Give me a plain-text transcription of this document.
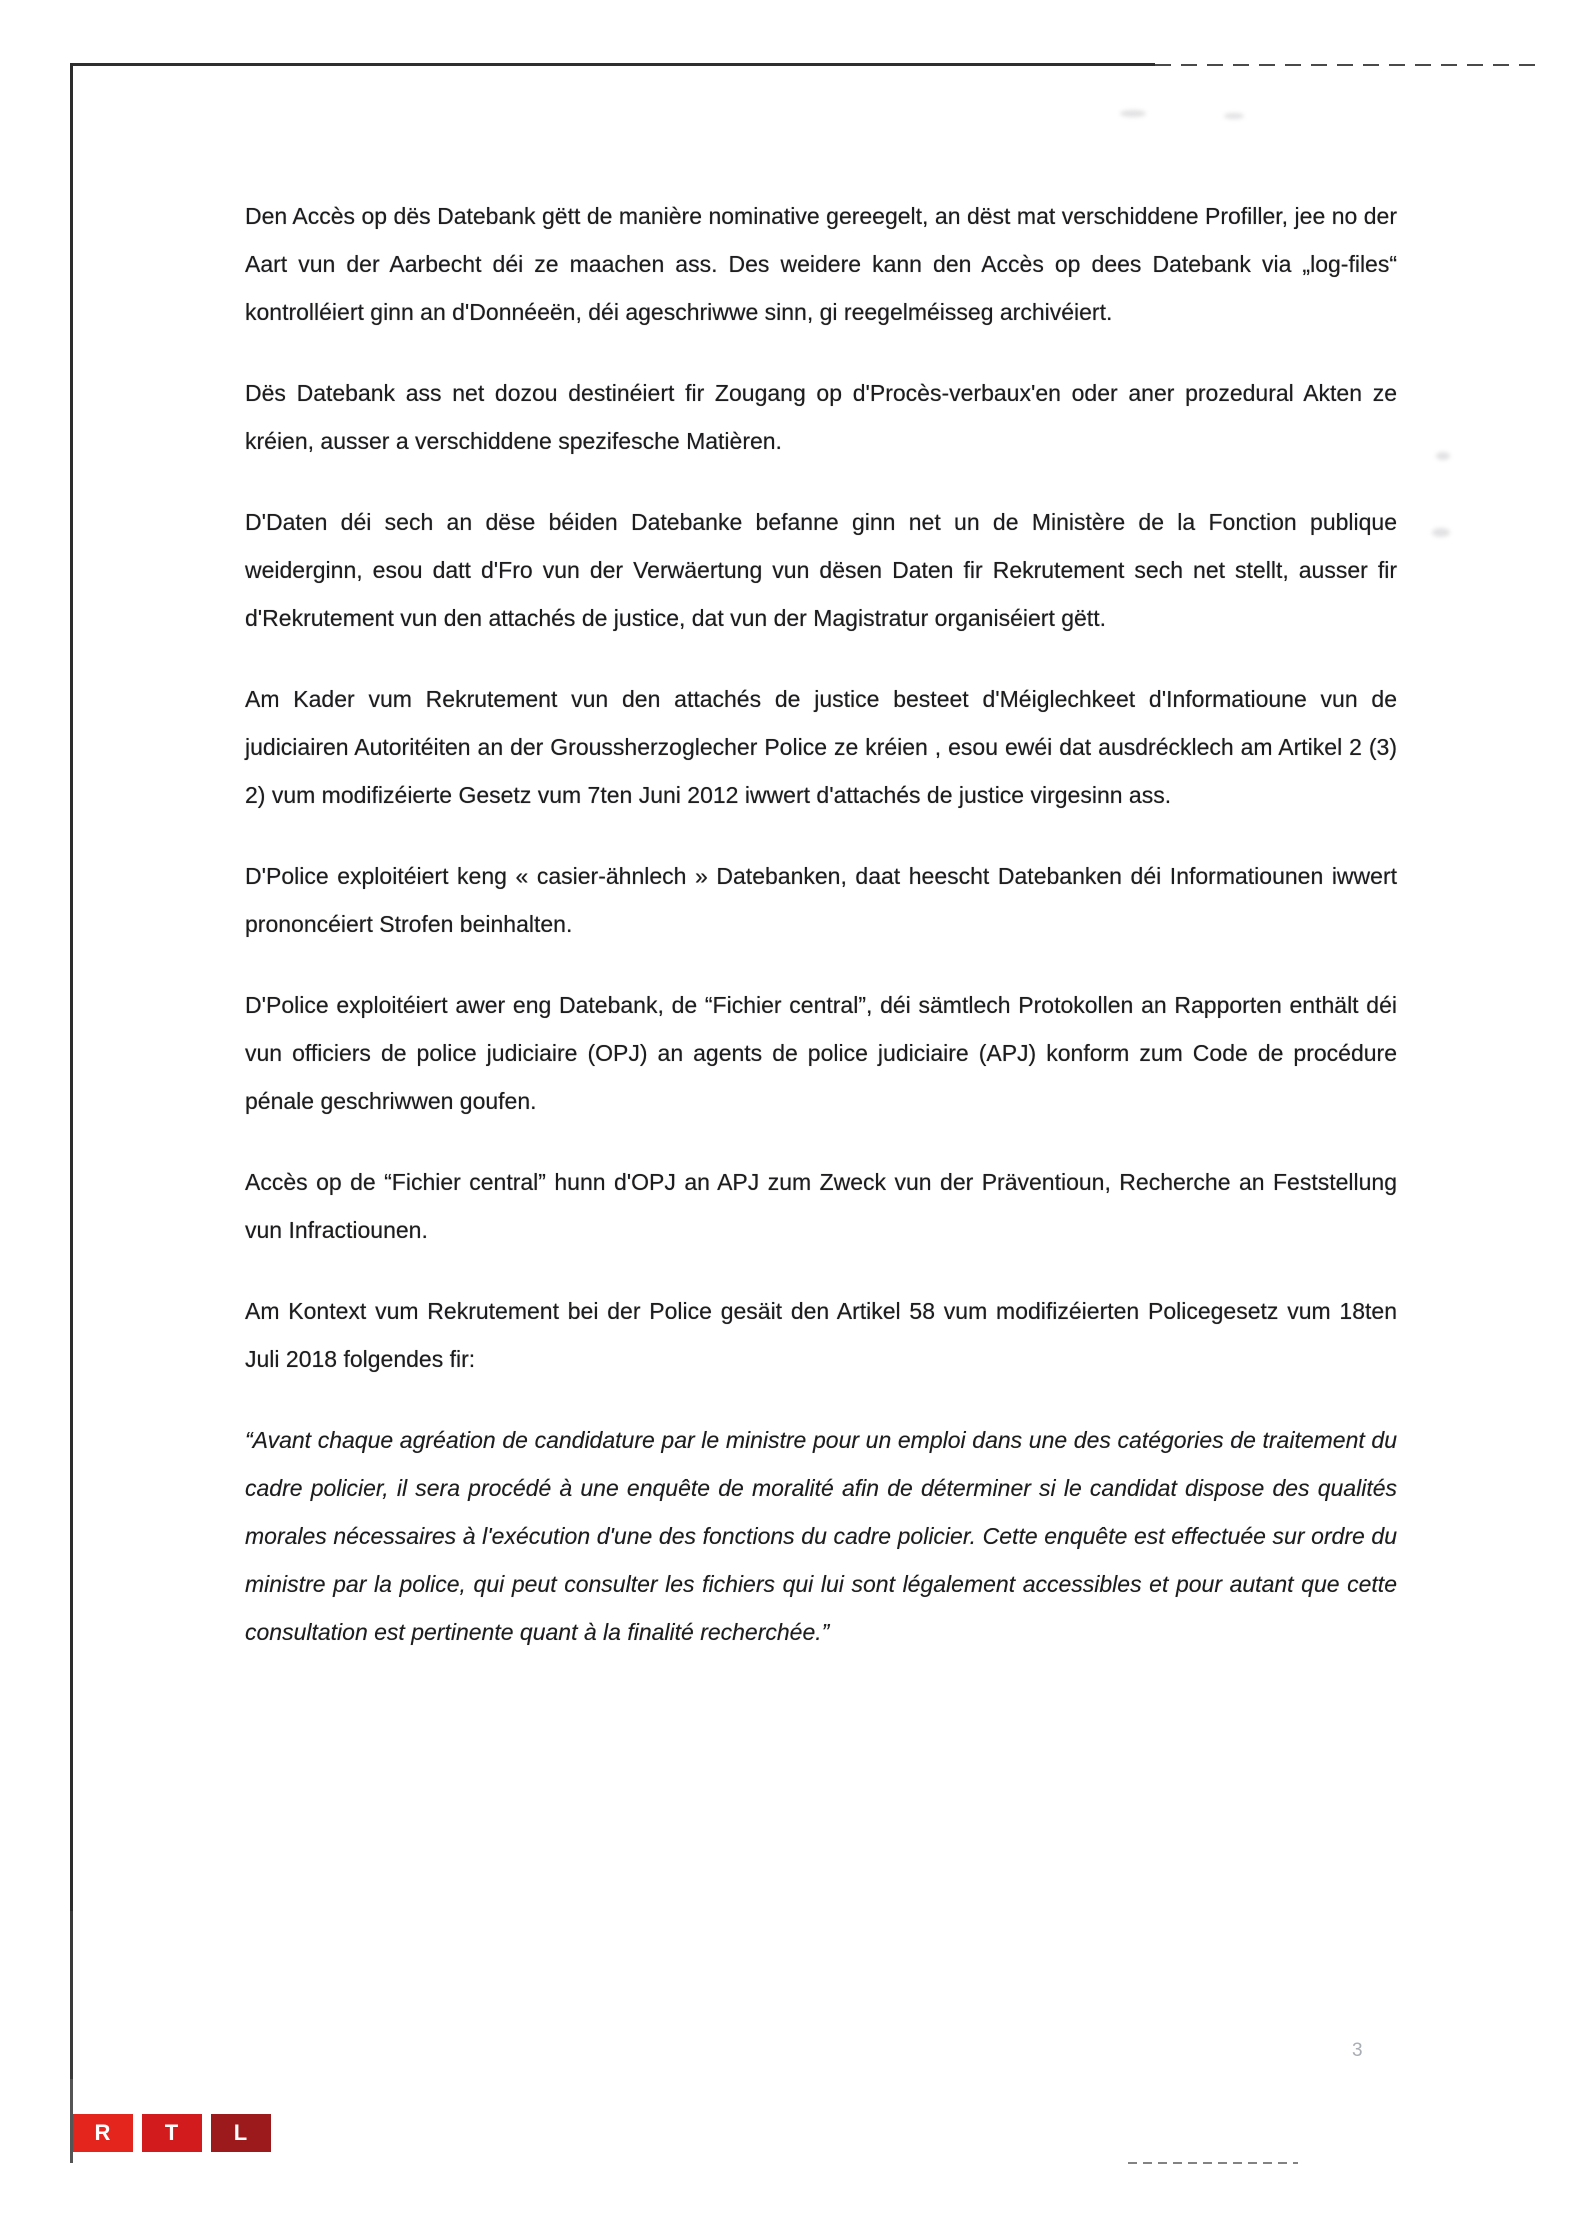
Den Accès op dës Datebank gëtt de manière nominative gereegelt, an dëst mat verschiddene Profiller, jee no der Aart vun der Aarbecht déi ze maachen ass. Des weidere kann den Accès op dees Datebank via „log-files“ kontrolléiert ginn an d'Donnéeën, déi ageschriwwe sinn, gi reegelméisseg archivéiert.

Dës Datebank ass net dozou destinéiert fir Zougang op d'Procès-verbaux'en oder aner prozedural Akten ze kréien, ausser a verschiddene spezifesche Matièren.

D'Daten déi sech an dëse béiden Datebanke befanne ginn net un de Ministère de la Fonction publique weiderginn, esou datt d'Fro vun der Verwäertung vun dësen Daten fir Rekrutement sech net stellt, ausser fir d'Rekrutement vun den attachés de justice, dat vun der Magistratur organiséiert gëtt.

Am Kader vum Rekrutement vun den attachés de justice besteet d'Méiglechkeet d'Informatioune vun de judiciairen Autoritéiten an der Groussherzoglecher Police ze kréien , esou ewéi dat ausdrécklech am Artikel 2 (3) 2) vum modifizéierte Gesetz vum 7ten Juni 2012 iwwert d'attachés de justice virgesinn ass.

D'Police exploitéiert keng « casier-ähnlech » Datebanken, daat heescht Datebanken déi Informatiounen iwwert prononcéiert Strofen beinhalten.

D'Police exploitéiert awer eng Datebank, de “Fichier central”, déi sämtlech Protokollen an Rapporten enthält déi vun officiers de police judiciaire (OPJ) an agents de police judiciaire (APJ) konform zum Code de procédure pénale geschriwwen goufen.

Accès op de “Fichier central” hunn d'OPJ an APJ zum Zweck vun der Präventioun, Recherche an Feststellung vun Infractiounen.

Am Kontext vum Rekrutement bei der Police gesäit den Artikel 58 vum modifizéierten Policegesetz vum 18ten Juli 2018 folgendes fir:

“Avant chaque agréation de candidature par le ministre pour un emploi dans une des catégories de traitement du cadre policier, il sera procédé à une enquête de moralité afin de déterminer si le candidat dispose des qualités morales nécessaires à l'exécution d'une des fonctions du cadre policier. Cette enquête est effectuée sur ordre du ministre par la police, qui peut consulter les fichiers qui lui sont légalement accessibles et pour autant que cette consultation est pertinente quant à la finalité recherchée.”

3
R	T	L
